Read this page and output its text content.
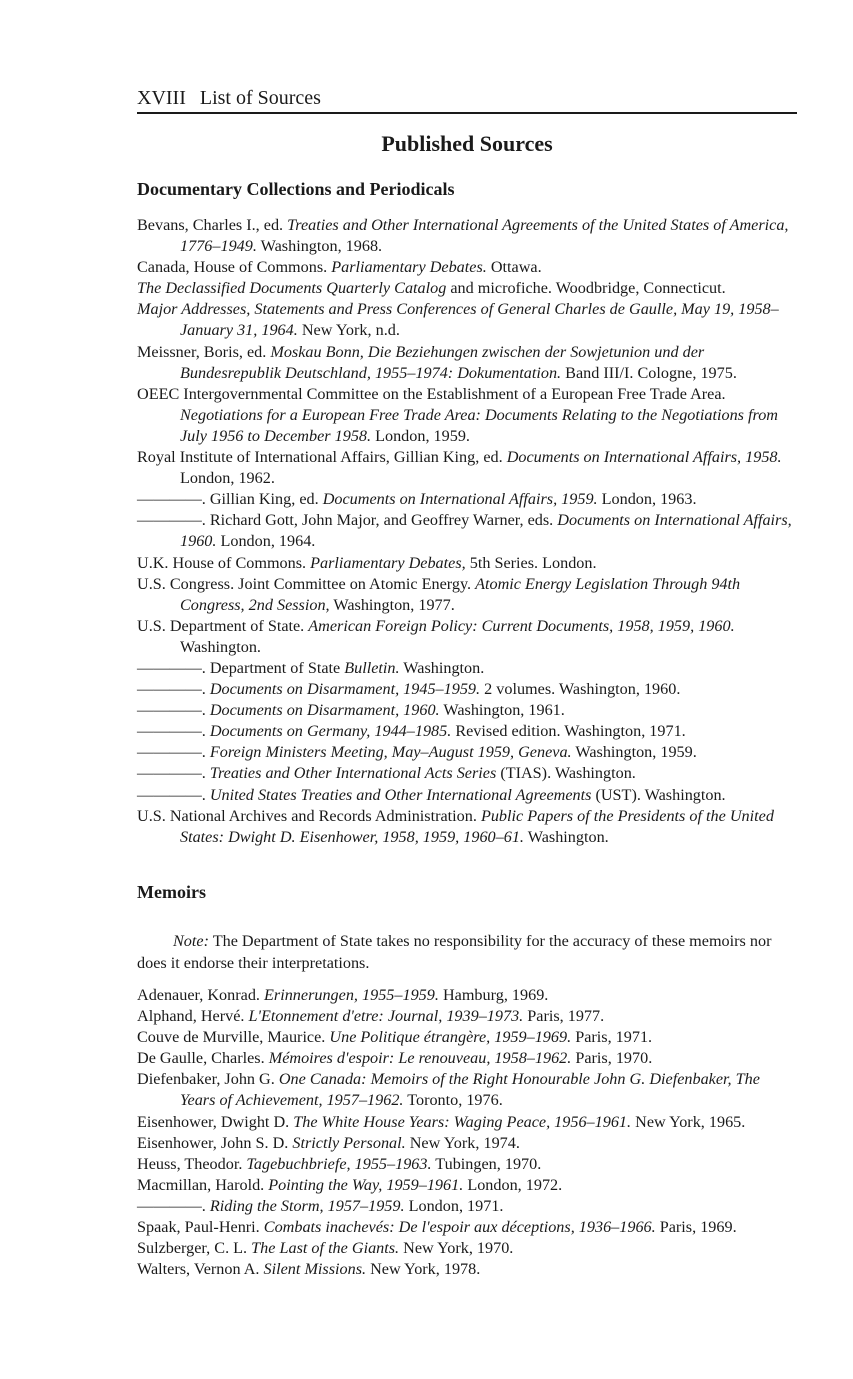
XVIII List of Sources
Published Sources
Documentary Collections and Periodicals
Bevans, Charles I., ed. Treaties and Other International Agreements of the United States of America, 1776–1949. Washington, 1968.
Canada, House of Commons. Parliamentary Debates. Ottawa.
The Declassified Documents Quarterly Catalog and microfiche. Woodbridge, Connecticut.
Major Addresses, Statements and Press Conferences of General Charles de Gaulle, May 19, 1958–January 31, 1964. New York, n.d.
Meissner, Boris, ed. Moskau Bonn, Die Beziehungen zwischen der Sowjetunion und der Bundesrepublik Deutschland, 1955–1974: Dokumentation. Band III/I. Cologne, 1975.
OEEC Intergovernmental Committee on the Establishment of a European Free Trade Area. Negotiations for a European Free Trade Area: Documents Relating to the Negotiations from July 1956 to December 1958. London, 1959.
Royal Institute of International Affairs, Gillian King, ed. Documents on International Affairs, 1958. London, 1962.
————. Gillian King, ed. Documents on International Affairs, 1959. London, 1963.
————. Richard Gott, John Major, and Geoffrey Warner, eds. Documents on International Affairs, 1960. London, 1964.
U.K. House of Commons. Parliamentary Debates, 5th Series. London.
U.S. Congress. Joint Committee on Atomic Energy. Atomic Energy Legislation Through 94th Congress, 2nd Session, Washington, 1977.
U.S. Department of State. American Foreign Policy: Current Documents, 1958, 1959, 1960. Washington.
————. Department of State Bulletin. Washington.
————. Documents on Disarmament, 1945–1959. 2 volumes. Washington, 1960.
————. Documents on Disarmament, 1960. Washington, 1961.
————. Documents on Germany, 1944–1985. Revised edition. Washington, 1971.
————. Foreign Ministers Meeting, May–August 1959, Geneva. Washington, 1959.
————. Treaties and Other International Acts Series (TIAS). Washington.
————. United States Treaties and Other International Agreements (UST). Washington.
U.S. National Archives and Records Administration. Public Papers of the Presidents of the United States: Dwight D. Eisenhower, 1958, 1959, 1960–61. Washington.
Memoirs
Note: The Department of State takes no responsibility for the accuracy of these memoirs nor does it endorse their interpretations.
Adenauer, Konrad. Erinnerungen, 1955–1959. Hamburg, 1969.
Alphand, Hervé. L'Etonnement d'etre: Journal, 1939–1973. Paris, 1977.
Couve de Murville, Maurice. Une Politique étrangère, 1959–1969. Paris, 1971.
De Gaulle, Charles. Mémoires d'espoir: Le renouveau, 1958–1962. Paris, 1970.
Diefenbaker, John G. One Canada: Memoirs of the Right Honourable John G. Diefenbaker, The Years of Achievement, 1957–1962. Toronto, 1976.
Eisenhower, Dwight D. The White House Years: Waging Peace, 1956–1961. New York, 1965.
Eisenhower, John S. D. Strictly Personal. New York, 1974.
Heuss, Theodor. Tagebuchbriefe, 1955–1963. Tubingen, 1970.
Macmillan, Harold. Pointing the Way, 1959–1961. London, 1972.
————. Riding the Storm, 1957–1959. London, 1971.
Spaak, Paul-Henri. Combats inachevés: De l'espoir aux déceptions, 1936–1966. Paris, 1969.
Sulzberger, C. L. The Last of the Giants. New York, 1970.
Walters, Vernon A. Silent Missions. New York, 1978.
